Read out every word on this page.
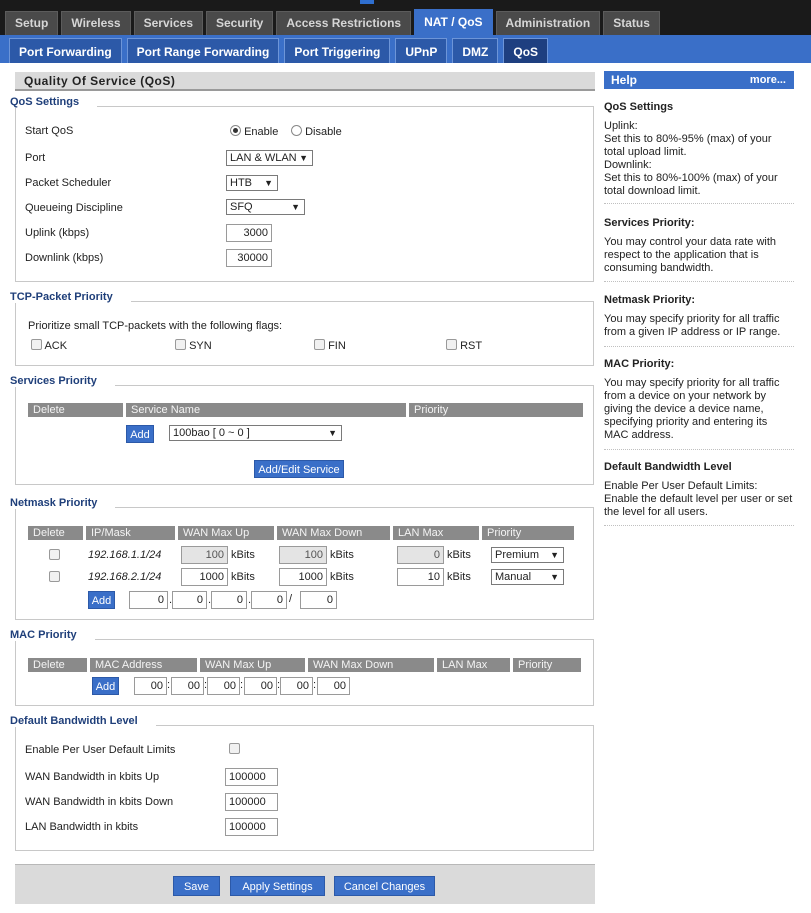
Setup	Wireless	Services	Security	Access Restrictions	NAT / QoS	Administration	Status
Port Forwarding	Port Range Forwarding	Port Triggering	UPnP	DMZ	QoS
Quality Of Service (QoS)
QoS Settings
Start QoS	Enable	Disable
Port	LAN & WLAN ▼
Packet Scheduler	HTB ▼
Queueing Discipline	SFQ	▼
Uplink (kbps)	3000
Downlink (kbps)	30000
TCP-Packet Priority
Prioritize small TCP-packets with the following flags:
ACK	SYN	FIN	RST
Services Priority
Delete	Service Name	Priority
Add	100bao [ 0 ~ 0 ]	▼
Add/Edit Service
Netmask Priority
Delete	IP/Mask	WAN Max Up	WAN Max Down	LAN Max	Priority
192.168.1.1/24	100 kBits	100 kBits	0 kBits	Premium ▼
192.168.2.1/24	1000 kBits	1000 kBits	10 kBits	Manual ▼
Add	0 .	0 .	0 .	0 /	0
MAC Priority
Delete	MAC Address	WAN Max Up	WAN Max Down	LAN Max	Priority
Add	00 :	00 :	00 :	00 :	00 :	00
Default Bandwidth Level
Enable Per User Default Limits
WAN Bandwidth in kbits Up	100000
WAN Bandwidth in kbits Down	100000
LAN Bandwidth in kbits	100000
Save	Apply Settings	Cancel Changes
Help	more...
QoS Settings
Uplink:
Set this to 80%-95% (max) of your total upload limit.
Downlink:
Set this to 80%-100% (max) of your total download limit.
Services Priority:
You may control your data rate with respect to the application that is consuming bandwidth.
Netmask Priority:
You may specify priority for all traffic from a given IP address or IP range.
MAC Priority:
You may specify priority for all traffic from a device on your network by giving the device a device name, specifying priority and entering its MAC address.
Default Bandwidth Level
Enable Per User Default Limits:
Enable the default level per user or set the level for all users.
